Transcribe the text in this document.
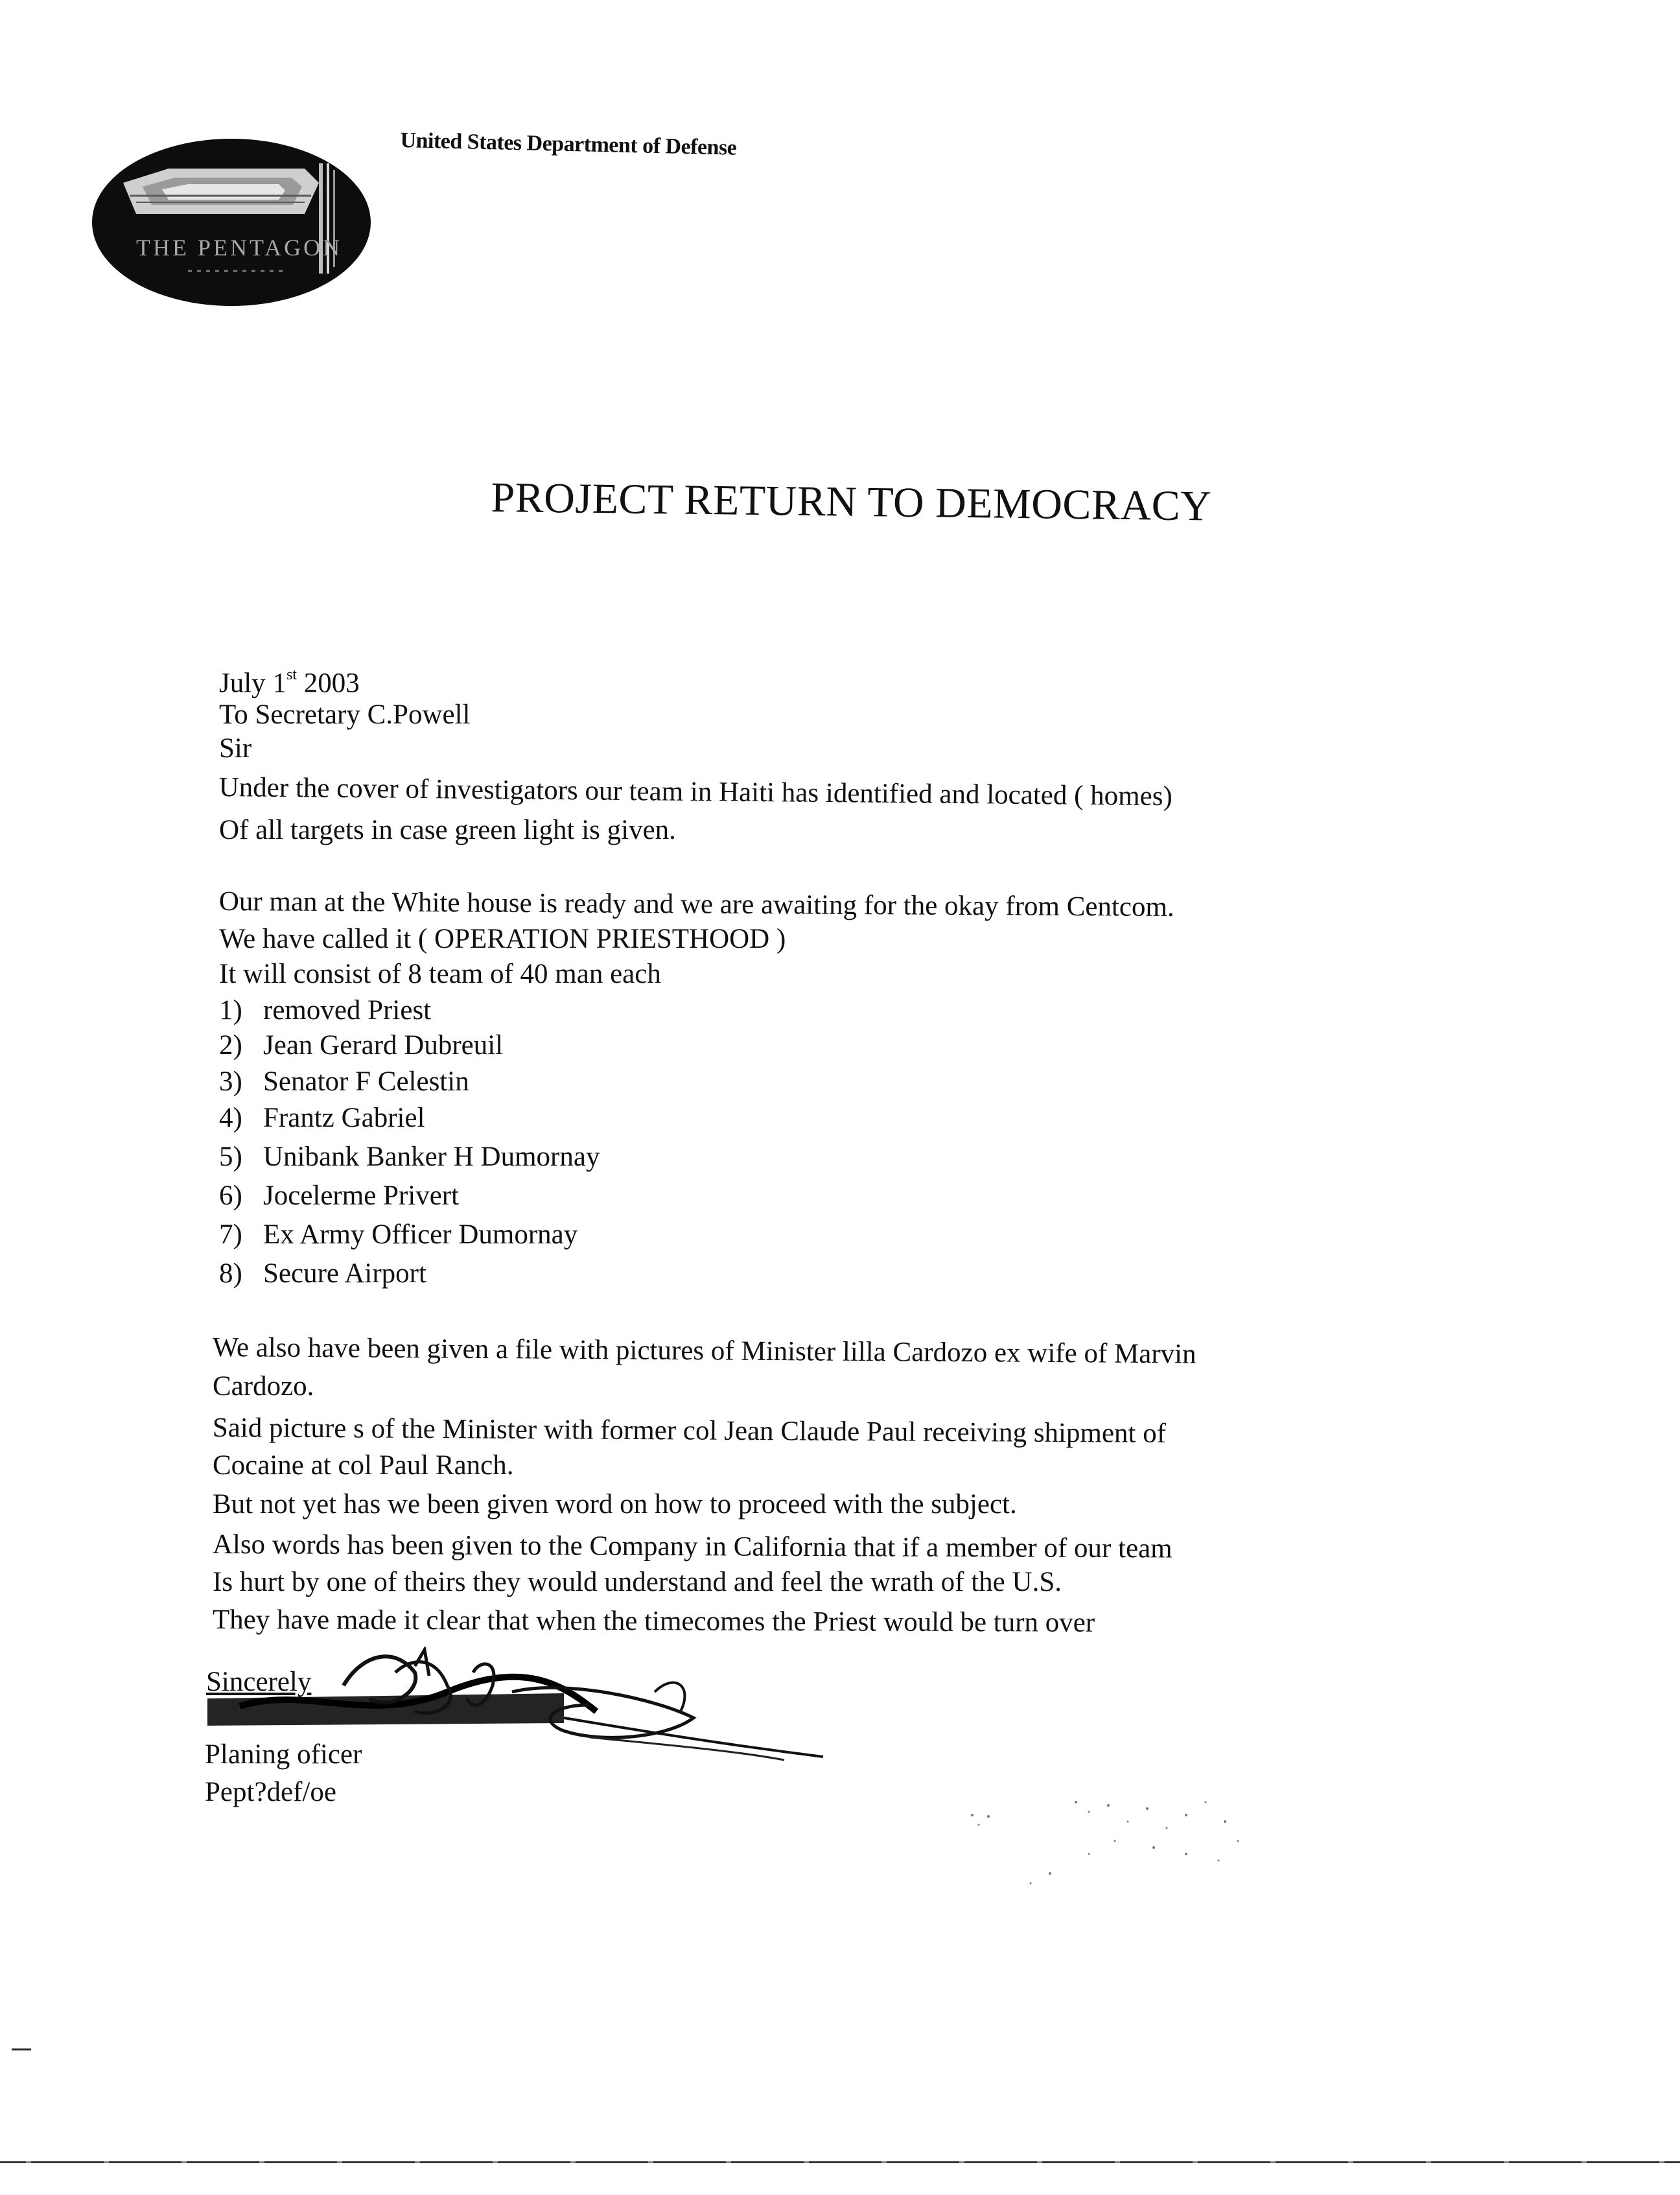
THE PENTAGON
United States Department of Defense
PROJECT RETURN TO DEMOCRACY
July 1st 2003
To Secretary C.Powell
Sir
Under the cover of investigators our team in Haiti has identified and located ( homes)
Of all targets in case green light is given.
Our man at the White house is ready and we are awaiting for the okay from Centcom.
We have called it ( OPERATION PRIESTHOOD )
It will consist of 8 team of 40 man each
1) removed Priest
2) Jean Gerard Dubreuil
3) Senator F Celestin
4) Frantz Gabriel
5) Unibank Banker H Dumornay
6) Jocelerme Privert
7) Ex Army Officer Dumornay
8) Secure Airport
We also have been given a file with pictures of Minister lilla Cardozo ex wife of Marvin
Cardozo.
Said picture s of the Minister with former col Jean Claude Paul receiving shipment of
Cocaine at col Paul Ranch.
But not yet has we been given word on how to proceed with the subject.
Also words has been given to the Company in California that if a member of our team
Is hurt by one of theirs they would understand and feel the wrath of the U.S.
They have made it clear that when the timecomes the Priest would be turn over
Sincerely
Planing oficer
Pept?def/oe
